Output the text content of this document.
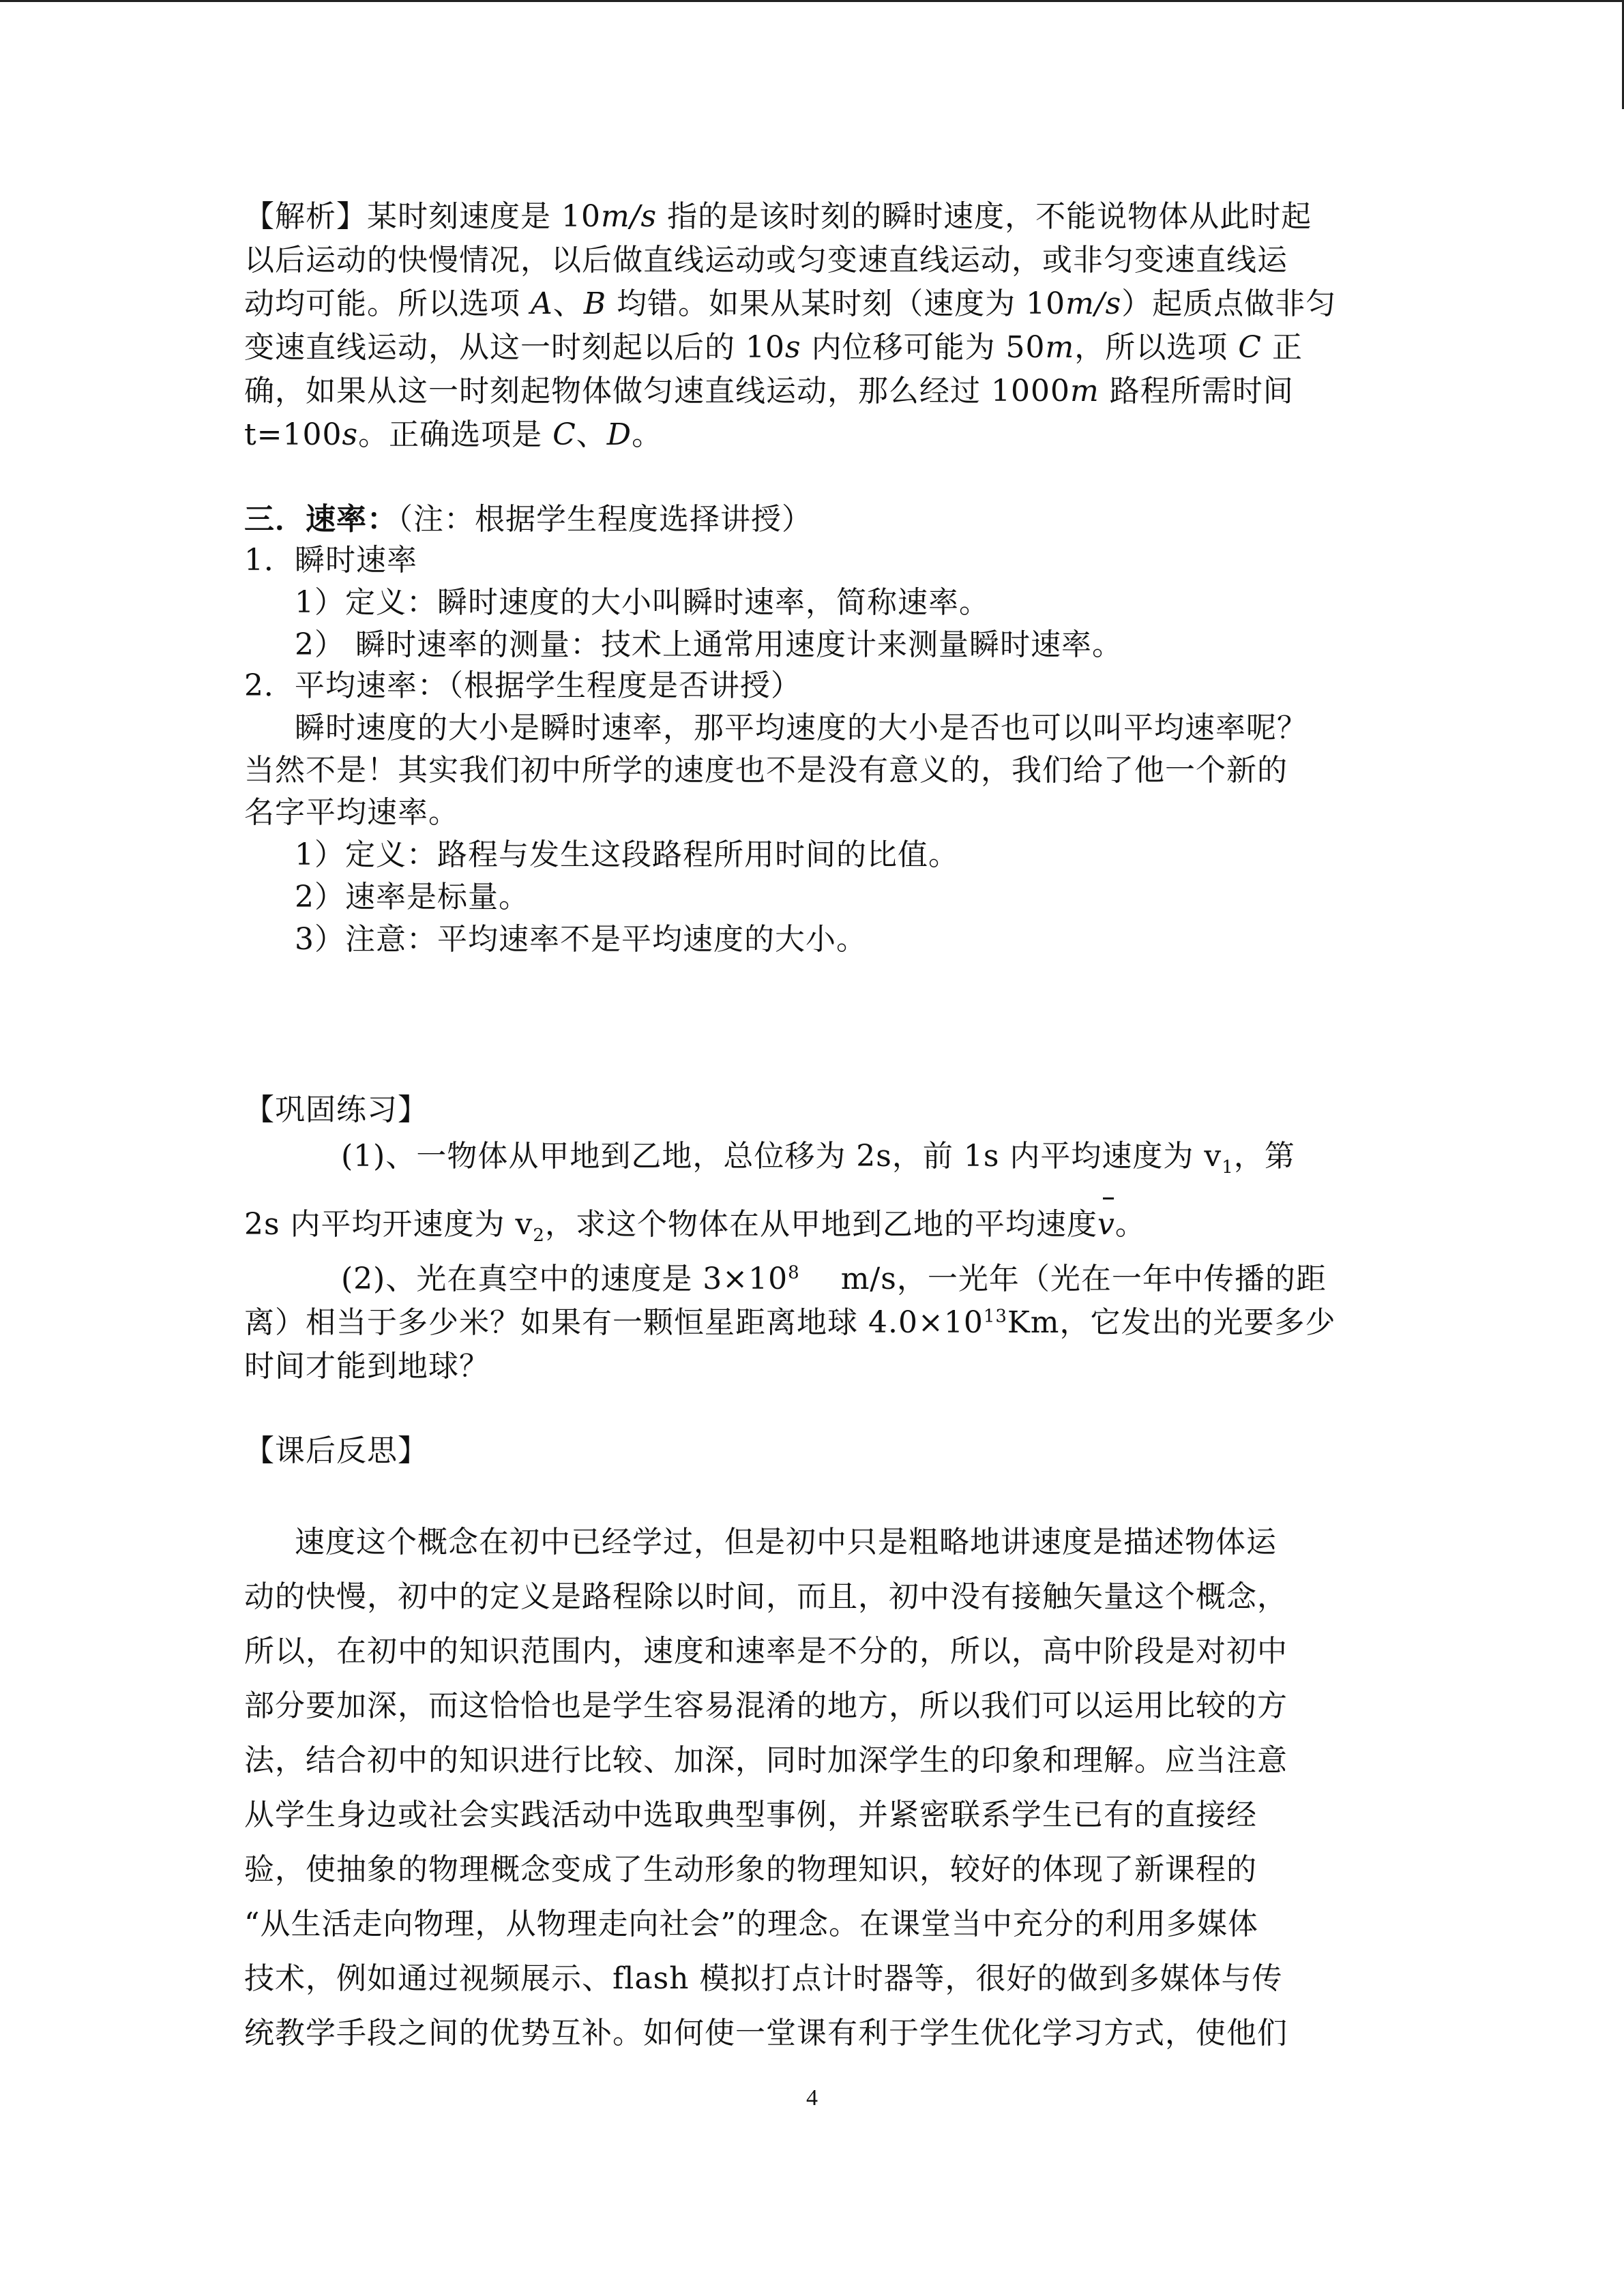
【解析】某时刻速度是 10m/s 指的是该时刻的瞬时速度，不能说物体从此时起
以后运动的快慢情况，以后做直线运动或匀变速直线运动，或非匀变速直线运
动均可能。所以选项 A、B 均错。如果从某时刻（速度为 10m/s）起质点做非匀
变速直线运动，从这一时刻起以后的 10s 内位移可能为 50m，所以选项 C 正
确，如果从这一时刻起物体做匀速直线运动，那么经过 1000m 路程所需时间
t=100s。正确选项是 C、D。
三．速率：（注：根据学生程度选择讲授）
1．瞬时速率
1）定义：瞬时速度的大小叫瞬时速率，简称速率。
2） 瞬时速率的测量：技术上通常用速度计来测量瞬时速率。
2．平均速率：（根据学生程度是否讲授）
瞬时速度的大小是瞬时速率，那平均速度的大小是否也可以叫平均速率呢？
当然不是！其实我们初中所学的速度也不是没有意义的，我们给了他一个新的
名字平均速率。
1）定义：路程与发生这段路程所用时间的比值。
2）速率是标量。
3）注意：平均速率不是平均速度的大小。
【巩固练习】
(1)、一物体从甲地到乙地，总位移为 2s，前 1s 内平均速度为 $v_1$，第
2s 内平均开速度为 $v_2$，求这个物体在从甲地到乙地的平均速度v。
(2)、光在真空中的速度是 $3\times 10^8$　 m/s，一光年（光在一年中传播的距
离）相当于多少米？如果有一颗恒星距离地球 $4.0\times 10^{13}Km$，它发出的光要多少
时间才能到地球？
【课后反思】
速度这个概念在初中已经学过，但是初中只是粗略地讲速度是描述物体运
动的快慢，初中的定义是路程除以时间，而且，初中没有接触矢量这个概念，
所以，在初中的知识范围内，速度和速率是不分的，所以，高中阶段是对初中
部分要加深，而这恰恰也是学生容易混淆的地方，所以我们可以运用比较的方
法，结合初中的知识进行比较、加深，同时加深学生的印象和理解。应当注意
从学生身边或社会实践活动中选取典型事例，并紧密联系学生已有的直接经
验，使抽象的物理概念变成了生动形象的物理知识，较好的体现了新课程的
“从生活走向物理，从物理走向社会”的理念。在课堂当中充分的利用多媒体
技术，例如通过视频展示、flash 模拟打点计时器等，很好的做到多媒体与传
统教学手段之间的优势互补。如何使一堂课有利于学生优化学习方式，使他们
4
